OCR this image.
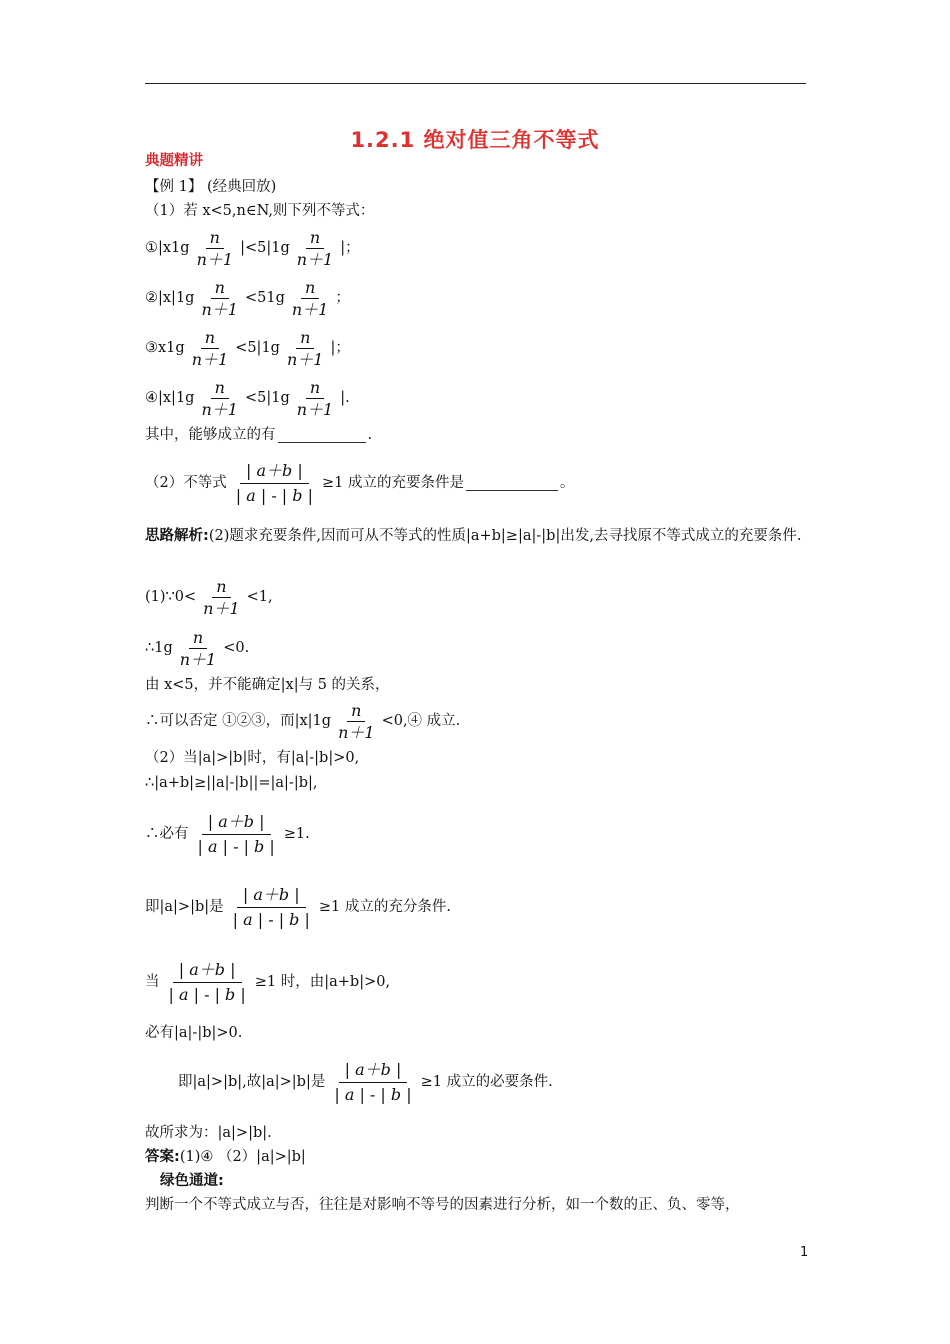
1.2.1 绝对值三角不等式
典题精讲
【例 1】 (经典回放)
（1）若 x<5,n∈N,则下列不等式：
①|x1g $\frac{n}{n+1} |<5|1g \frac{n}{n+1}$ |；
②|x|1g $\frac{n}{n+1} <51g \frac{n}{n+1}$ ；
③x1g $\frac{n}{n+1} <5|1g \frac{n}{n+1}$ |；
④|x|1g $\frac{n}{n+1} <5|1g \frac{n}{n+1}$ |.
其中，能够成立的有	.
（2）不等式 $\frac{| a+b |}{| a | - | b |} \ge 1$ 成立的充要条件是	。
思路解析:(2)题求充要条件,因而可从不等式的性质|a+b|≥|a|-|b|出发,去寻找原不等式成立的充要条件.
(1)∵0< $\frac{n}{n+1} <1$,
∴1g $\frac{n}{n+1} <0$.
由 x<5，并不能确定|x|与 5 的关系，
∴可以否定 ①②③，而$|x|1g \frac{n}{n+1}$ <0,④ 成立.
（2）当|a|>|b|时，有|a|-|b|>0,
∴|a+b|≥||a|-|b||=|a|-|b|,
∴必有 $\frac{| a+b |}{| a | - | b |} \ge 1$.
即|a|>|b|是 $\frac{| a+b |}{| a | - | b |} \ge 1$ 成立的充分条件.
当 $\frac{| a+b |}{| a | - | b |} \ge 1$ 时，由|a+b|>0,
必有|a|-|b|>0.
即|a|>|b|,故|a|>|b|是 $\frac{| a+b |}{| a | - | b |} \ge 1$ 成立的必要条件.
故所求为：|a|>|b|.
答案: (1)④ （2）|a|>|b|
绿色通道:
判断一个不等式成立与否，往往是对影响不等号的因素进行分析，如一个数的正、负、零等，
1
